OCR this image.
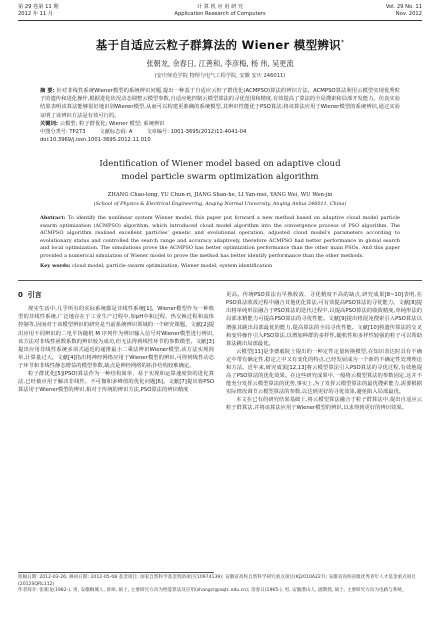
第 29 卷第 11 期
2012 年 11 月
计 算 机 应 用 研 究
Application Research of Computers
Vol. 29 No. 11
Nov. 2012
基于自适应云粒子群算法的 Wiener 模型辨识*
张朝龙, 余春日, 江善和, 李彦梅, 杨 伟, 吴更流
(安庆师范学院 物理与电气工程学院, 安徽 安庆 246011)
摘 要: 针对非线性系统Wiener模型的系统辨识问题,提出一种基于自适应云粒子群优化(ACMPSO)算法的辨识方法。ACMPSO算法利用云模型实现优秀粒子的遗传和进化操作,根据进化状况动态调整云模型参数,自适应地控制云模型算法的寻优范围和精度,有效提高了算法的全局搜索和局部开发能力。仿真实验结果表明该算法能够很好地识别Wiener模型,从而可以构建更准确的系统模型,其辨识性能优于PSO算法;将该算法应用于Wiener模型的系统辨识,通过实验证明了该辨识方法是有效可行的。
关键词: 云模型; 粒子群优化; Wiener 模型; 系统辨识
中图分类号: TP273	文献标志码: A	文章编号: 1001-3695(2012)11-4041-04
doi:10.3969/j.issn.1001-3695.2012.11.010
Identification of Wiener model based on adaptive cloud
model particle swarm optimization algorithm
ZHANG Chao-long, YU Chun-ri, JIANG Shan-he, LI Yan-mei, YANG Wei, WU Wen-jin
(School of Physics & Electrical Engineering, Anqing Normal University, Anqing Anhui 246011, China)
Abstract: To identify the nonlinear system Wiener model, this paper put forward a new method based on adaptive cloud model particle swarm optimization (ACMPSO) algorithm, which introduced cloud model algorithm into the convergence process of PSO algorithm. The ACMPSO algorithm realized excellent particles' genetic and evolutional operation, adjusted cloud model's parameters according to evolutionary status and controlled the search range and accuracy adaptively, therefore ACMPSO had better performance in global search and local optimization. The simulations prove the ACMPSO has better optimization performance than the other main PSOs. And this paper provided a numerical simulation of Wiener model to prove the method has better identify performance than the other methods.
Key words: cloud model; particle swarm optimization; Wiener model; system identification
0 引言

现实生活中,几乎所有的实际系统都是非线性系统[1]。Wiener模型作为一种典型的非线性系统,广泛地存在于工业生产过程中,如pH中和过程、热交换过程和流体控制等,因而对于该模型辨识的研究是当前系统辨识领域的一个研究课题。文献[2]提出应用不同辨识的二电平伪随机 M 序列作为辨识输入信号对Wiener模型进行辨识,该方法对非线性函数系数的辨识较为成功,但无法得到线性环节的参数模型。文献[3]提出应用非线性系统多项式逼近的递推最小二乘法辨识Wiener模型,该方法实现简单,计算量过大。文献[4]指出将神经网络应用于Wiener模型的辨识,可得到线性动态子环节和非线性静态增益的模型参数,缺点是神经网络的拓扑结构较难确定。

粒子群优化[5](PSO)算法作为一种结构简单、易于实现和运算速度快的进化算法,已经被应用于解决非线性、不可微和多峰值的优化问题[6]。文献[7]提出将PSO算法用于Wiener模型的辨识,相对于传统的辨识方法,PSO算法的辨识精度

更高。传统PSO算法有早熟收敛、寻优精度不高的缺点,研究成果[8~10]表明,在PSO算法收敛过程中融合其他优化算法,可有效提高PSO算法的寻优能力。文献[8]提出将单纯形法融合于PSO算法的迭代过程中,以提高PSO算法的收敛精度,单纯形法的局部求精能力可提高PSO算法的寻优性能。文献[9]提出将混沌搜索引入PSO算法以增强其跳出局部最优的能力,提高算法的全局寻优性能。文献[10]将遗传算法的交叉和变异操作引入PSO算法,以增加种群的多样性,随机性和多样性较强的粒子可以帮助算法跳出局部最优。

云模型[11]是李德毅院士提出的一种定性定量转换模型,在知识表达时具有不确定中带有确定性,稳定之中又有变化的特点,已经发展成为一个新的不确定性处理理论和方法。近年来,研究成果[12,13]将云模型算法引入PSO算法的寻优过程,有效地提高了PSO算法的优化效果。在这些研究成果中,一般将云模型算法的参数固定,这并不能充分发挥云模型算法的优势,事实上,为了发挥云模型算法的最优搜索能力,需要根据实际情况调节云模型算法的参数,以达到更好的寻优效果,避免陷入局部最优。

本文在已有的研究结果基础上,将云模型算法融合于粒子群算法中,提出自适应云粒子群算法,并将该算法应用于Wiener模型的辨识,以求得到更好的辨识效果。

收稿日期: 2012-03-26; 修回日期: 2012-05-08 基金项目: 国家自然科学基金资助项目(10974139); 安徽省高校自然科学研究重点项目(KJ2010A227); 安徽省高校省级优秀青年人才基金重点项目(2012SQRL112)
作者简介: 张朝龙(1982-), 男, 安徽桐城人, 讲师, 硕士, 主要研究方向为智能算法及应用(zhangcl@aqtc.edu.cn); 余春日(1965-), 男, 安徽潜山人, 副教授, 硕士, 主要研究方向为电路与系统。
